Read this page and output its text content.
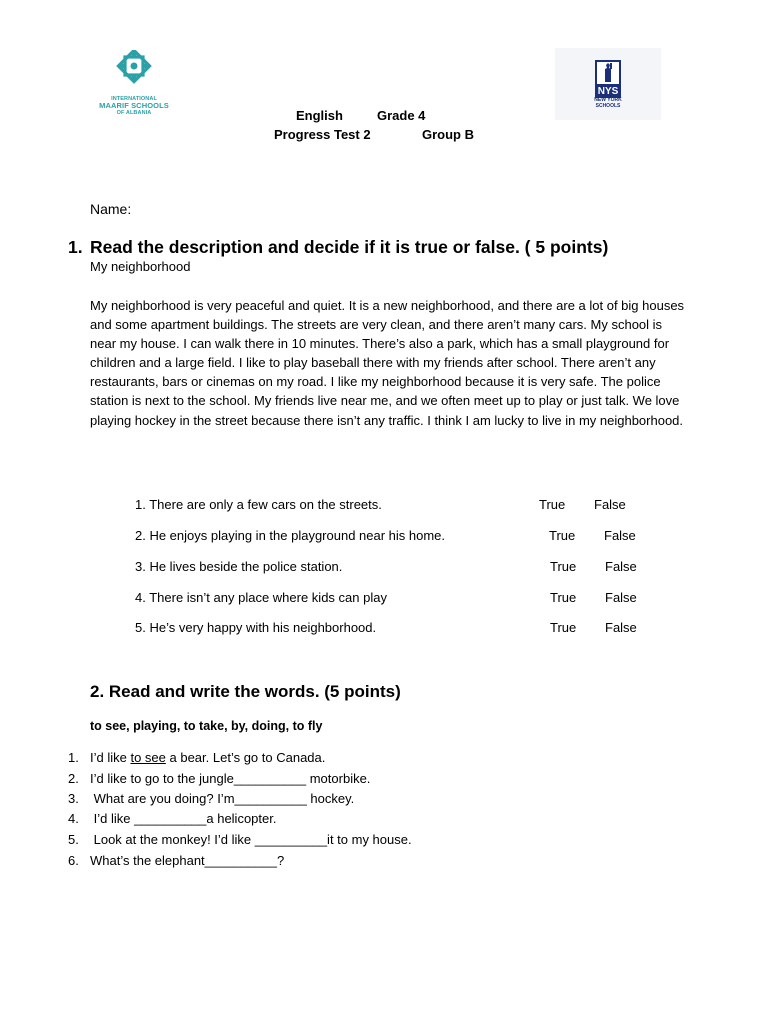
INTERNATIONAL
MAARIF SCHOOLS
OF ALBANIA
NYS
NEW YORK
SCHOOLS
English	Grade 4
Progress Test 2	Group B
Name:
1. Read the description and decide if it is true or false. ( 5 points)
My neighborhood
My neighborhood is very peaceful and quiet. It is a new neighborhood, and there are a lot of big houses and some apartment buildings. The streets are very clean, and there aren’t many cars. My school is near my house. I can walk there in 10 minutes. There’s also a park, which has a small playground for children and a large field. I like to play baseball there with my friends after school. There aren’t any restaurants, bars or cinemas on my road. I like my neighborhood because it is very safe. The police station is next to the school. My friends live near me, and we often meet up to play or just talk. We love playing hockey in the street because there isn’t any traffic. I think I am lucky to live in my neighborhood.
1. There are only a few cars on the streets.	True False
2. He enjoys playing in the playground near his home.	True False
3. He lives beside the police station.	True False
4. There isn’t any place where kids can play	True False
5. He’s very happy with his neighborhood.	True False
2. Read and write the words. (5 points)
to see, playing, to take, by, doing, to fly
1. I’d like to see a bear. Let’s go to Canada.
2. I’d like to go to the jungle__________ motorbike.
3. What are you doing? I’m__________ hockey.
4. I’d like __________a helicopter.
5. Look at the monkey! I’d like __________it to my house.
6. What’s the elephant__________?
